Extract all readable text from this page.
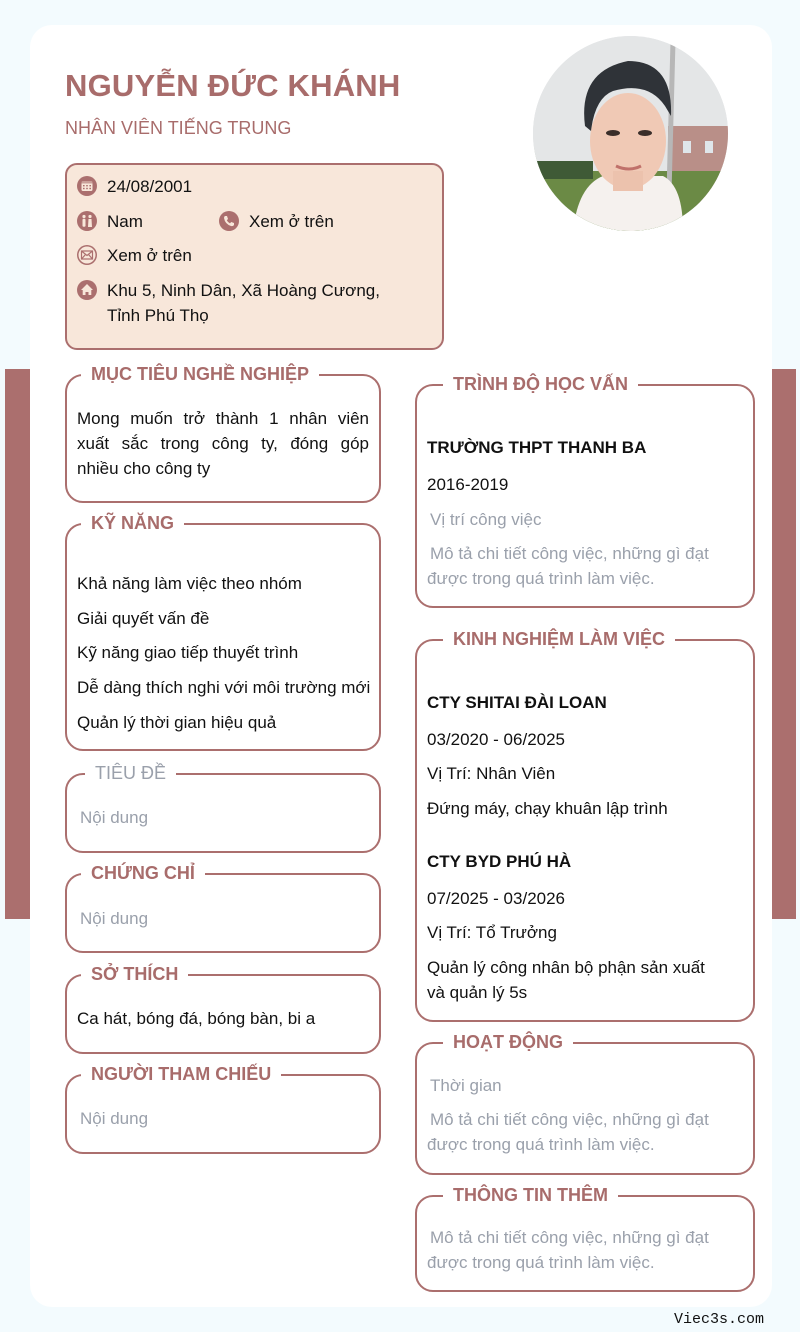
NGUYỄN ĐỨC KHÁNH
NHÂN VIÊN TIẾNG TRUNG
24/08/2001
Nam	Xem ở trên
Xem ở trên
Khu 5, Ninh Dân, Xã Hoàng Cương,
Tỉnh Phú Thọ
MỤC TIÊU NGHỀ NGHIỆP
Mong muốn trở thành 1 nhân viên
xuất sắc trong công ty, đóng góp
nhiều cho công ty
KỸ NĂNG
Khả năng làm việc theo nhóm
Giải quyết vấn đề
Kỹ năng giao tiếp thuyết trình
Dễ dàng thích nghi với môi trường mới
Quản lý thời gian hiệu quả
TIÊU ĐỀ
Nội dung
CHỨNG CHỈ
Nội dung
SỞ THÍCH
Ca hát, bóng đá, bóng bàn, bi a
NGƯỜI THAM CHIẾU
Nội dung
TRÌNH ĐỘ HỌC VẤN
TRƯỜNG THPT THANH BA
2016-2019
Vị trí công việc
Mô tả chi tiết công việc, những gì đạt
được trong quá trình làm việc.
KINH NGHIỆM LÀM VIỆC
CTY SHITAI ĐÀI LOAN
03/2020 - 06/2025
Vị Trí: Nhân Viên
Đứng máy, chạy khuân lập trình
CTY BYD PHÚ HÀ
07/2025 - 03/2026
Vị Trí: Tổ Trưởng
Quản lý công nhân bộ phận sản xuất
và quản lý 5s
HOẠT ĐỘNG
Thời gian
Mô tả chi tiết công việc, những gì đạt
được trong quá trình làm việc.
THÔNG TIN THÊM
Mô tả chi tiết công việc, những gì đạt
được trong quá trình làm việc.
Viec3s.com
